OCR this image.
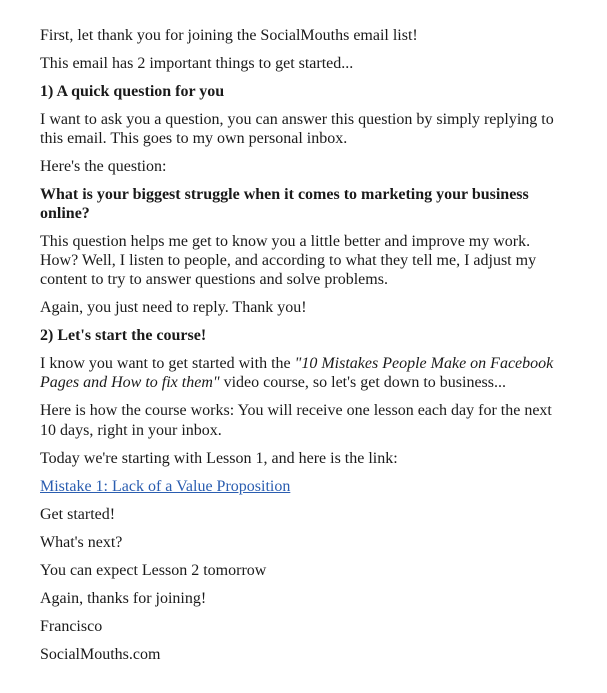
First, let thank you for joining the SocialMouths email list!

This email has 2 important things to get started...

1) A quick question for you

I want to ask you a question, you can answer this question by simply replying to this email. This goes to my own personal inbox.

Here's the question:

What is your biggest struggle when it comes to marketing your business online?

This question helps me get to know you a little better and improve my work. How? Well, I listen to people, and according to what they tell me, I adjust my content to try to answer questions and solve problems.

Again, you just need to reply. Thank you!

2) Let's start the course!

I know you want to get started with the "10 Mistakes People Make on Facebook Pages and How to fix them" video course, so let's get down to business...

Here is how the course works: You will receive one lesson each day for the next 10 days, right in your inbox.

Today we're starting with Lesson 1, and here is the link:

Mistake 1: Lack of a Value Proposition

Get started!

What's next?

You can expect Lesson 2 tomorrow

Again, thanks for joining!

Francisco

SocialMouths.com
